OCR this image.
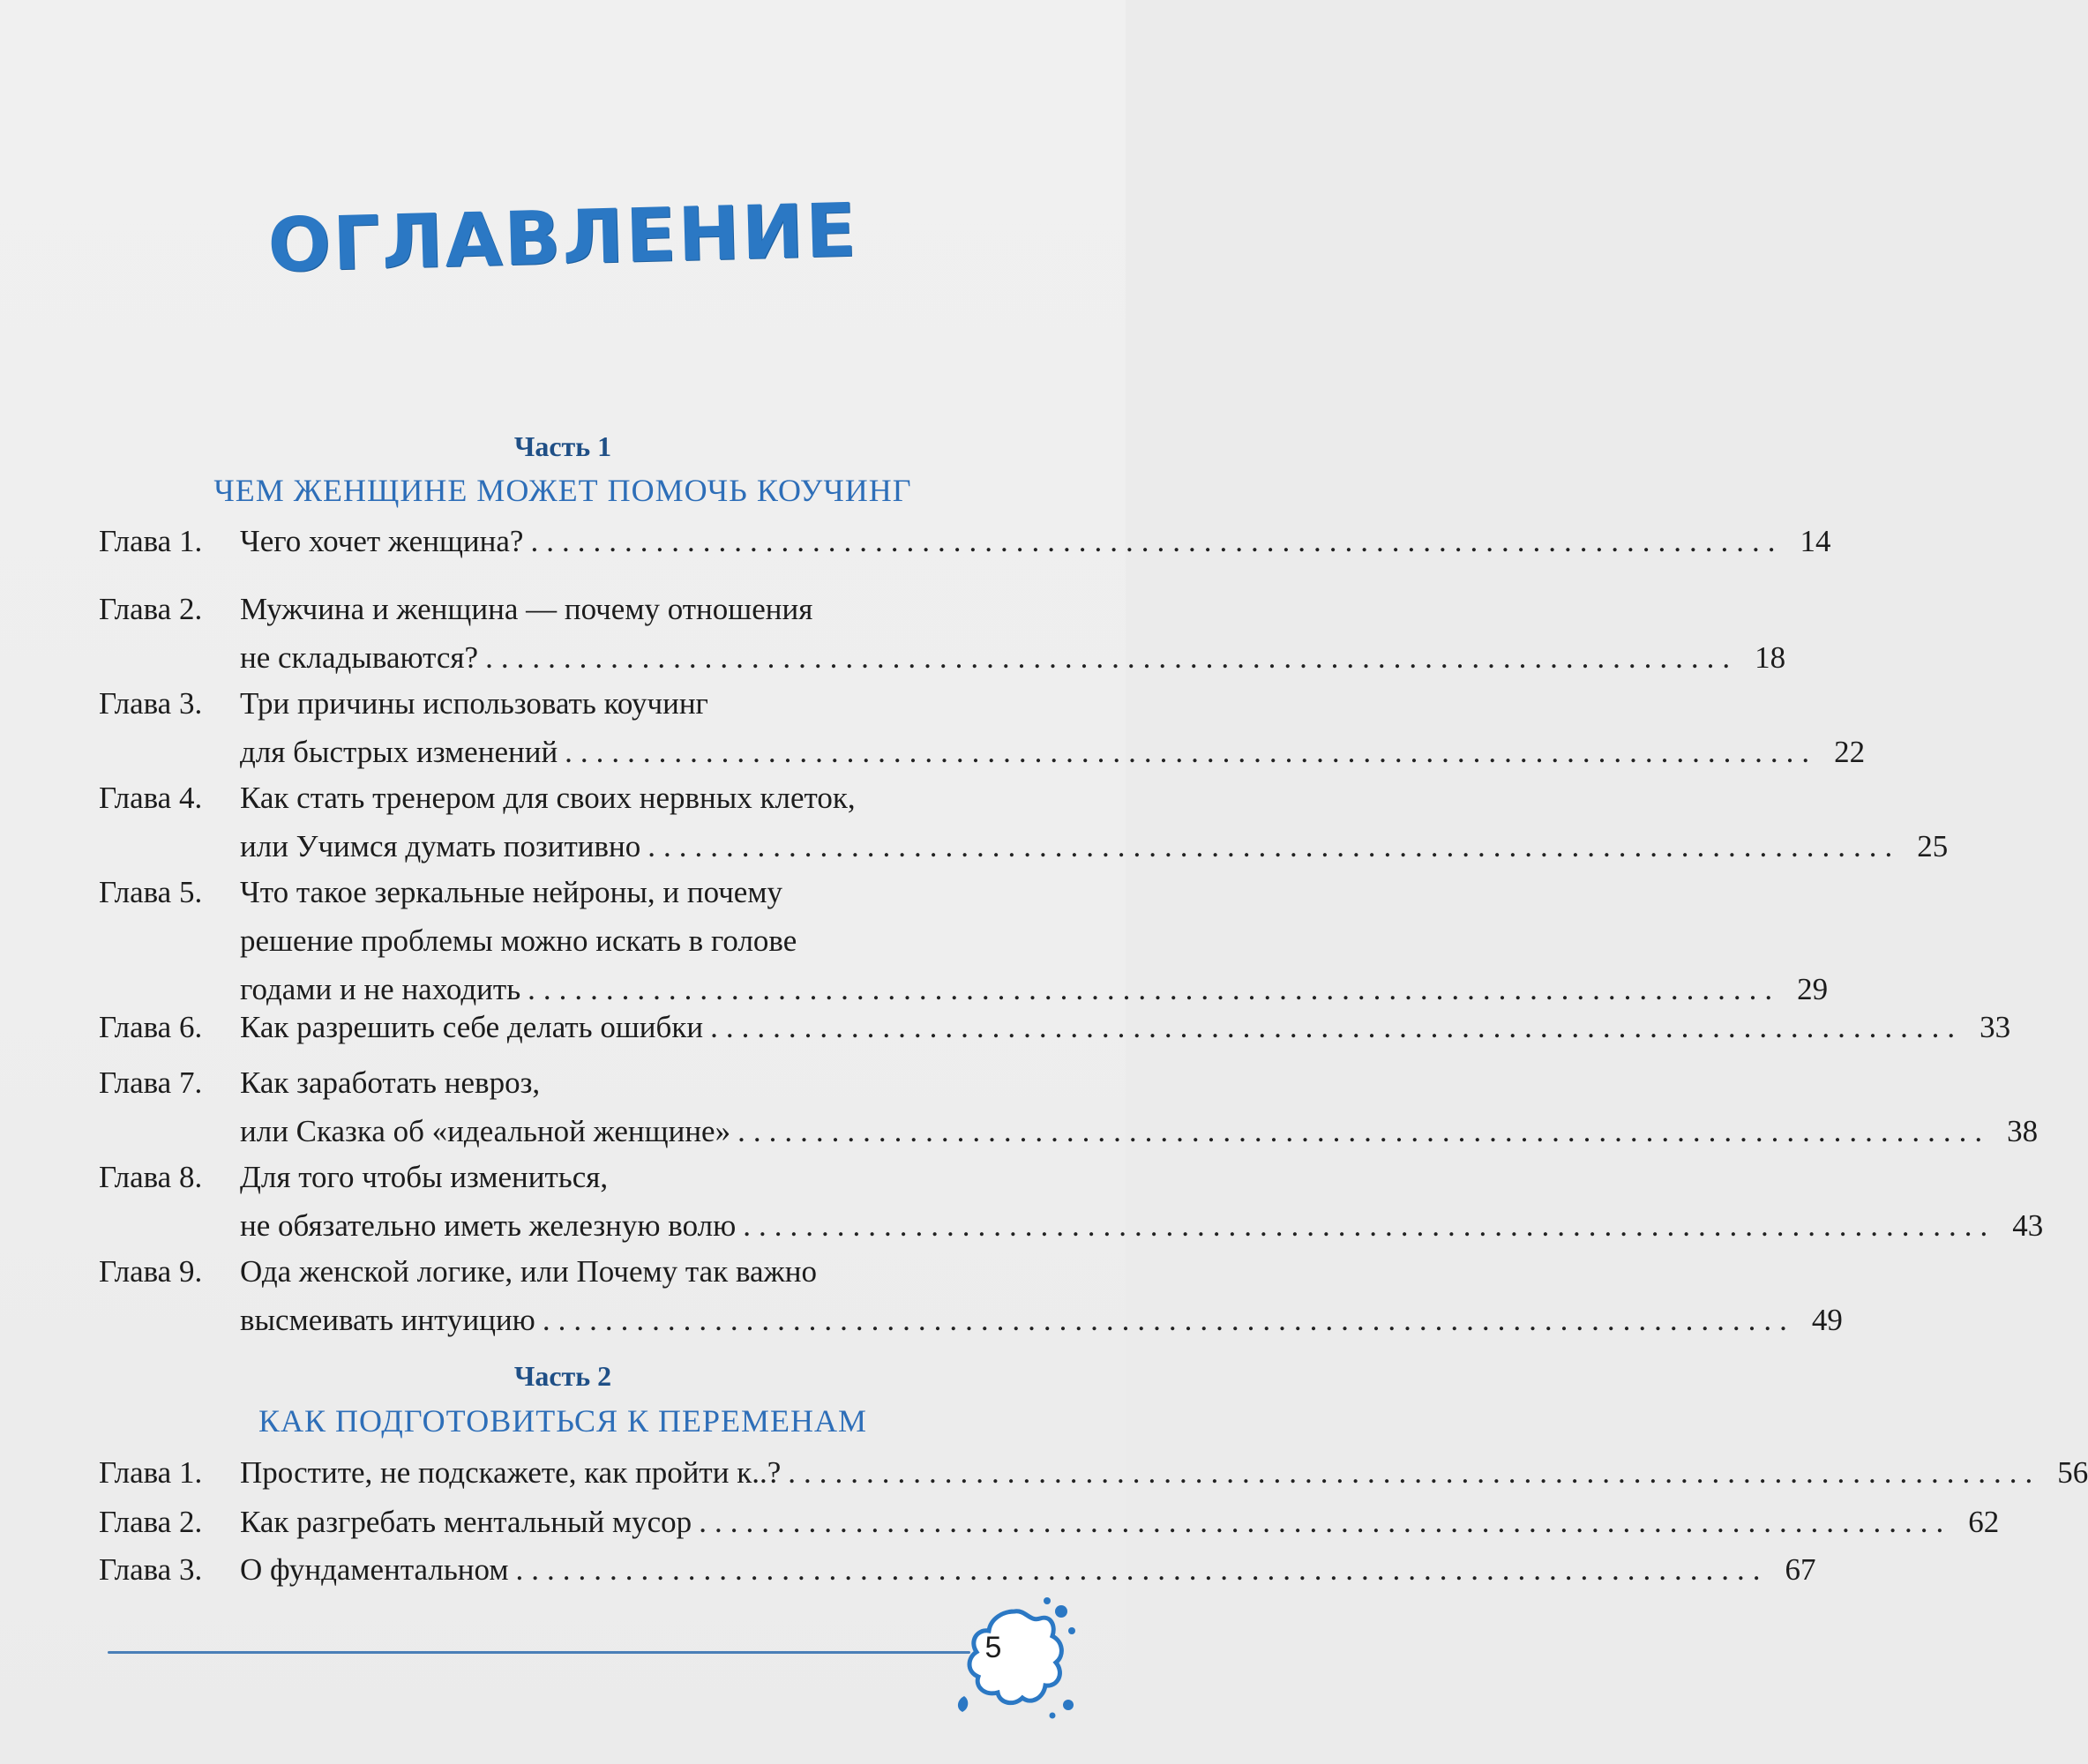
ОГЛАВЛЕНИЕ
Часть 1
ЧЕМ ЖЕНЩИНЕ МОЖЕТ ПОМОЧЬ КОУЧИНГ
Глава 1. Чего хочет женщина? ................................................................................ 14
Глава 2. Мужчина и женщина — почему отношения
не складываются? ................................................................................ 18
Глава 3. Три причины использовать коучинг
для быстрых изменений ................................................................................ 22
Глава 4. Как стать тренером для своих нервных клеток,
или Учимся думать позитивно ................................................................................ 25
Глава 5. Что такое зеркальные нейроны, и почему
решение проблемы можно искать в голове
годами и не находить ................................................................................ 29
Глава 6. Как разрешить себе делать ошибки ................................................................................ 33
Глава 7. Как заработать невроз,
или Сказка об «идеальной женщине» ................................................................................ 38
Глава 8. Для того чтобы измениться,
не обязательно иметь железную волю ................................................................................ 43
Глава 9. Ода женской логике, или Почему так важно
высмеивать интуицию ................................................................................ 49
Часть 2
КАК ПОДГОТОВИТЬСЯ К ПЕРЕМЕНАМ
Глава 1. Простите, не подскажете, как пройти к..? ................................................................................ 56
Глава 2. Как разгребать ментальный мусор ................................................................................ 62
Глава 3. О фундаментальном ................................................................................ 67
5
